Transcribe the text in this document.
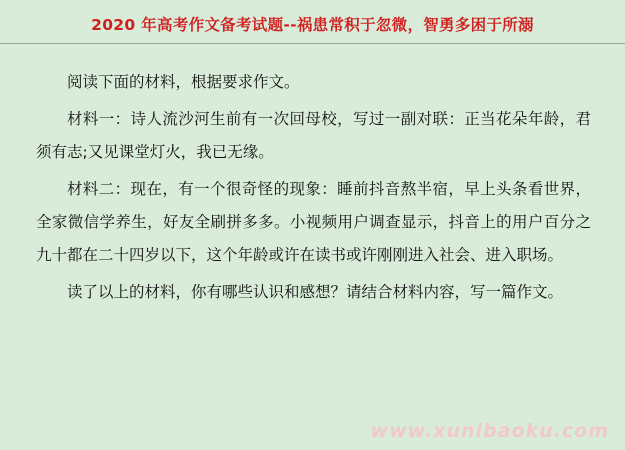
2020 年高考作文备考试题--祸患常积于忽微，智勇多困于所溺

阅读下面的材料，根据要求作文。

材料一：诗人流沙河生前有一次回母校，写过一副对联：正当花朵年龄，君须有志;又见课堂灯火，我已无缘。

材料二：现在，有一个很奇怪的现象：睡前抖音熬半宿，早上头条看世界，全家微信学养生，好友全刷拼多多。小视频用户调查显示，抖音上的用户百分之九十都在二十四岁以下，这个年龄或许在读书或许刚刚进入社会、进入职场。

读了以上的材料，你有哪些认识和感想？请结合材料内容，写一篇作文。

www.xunibaoku.com
